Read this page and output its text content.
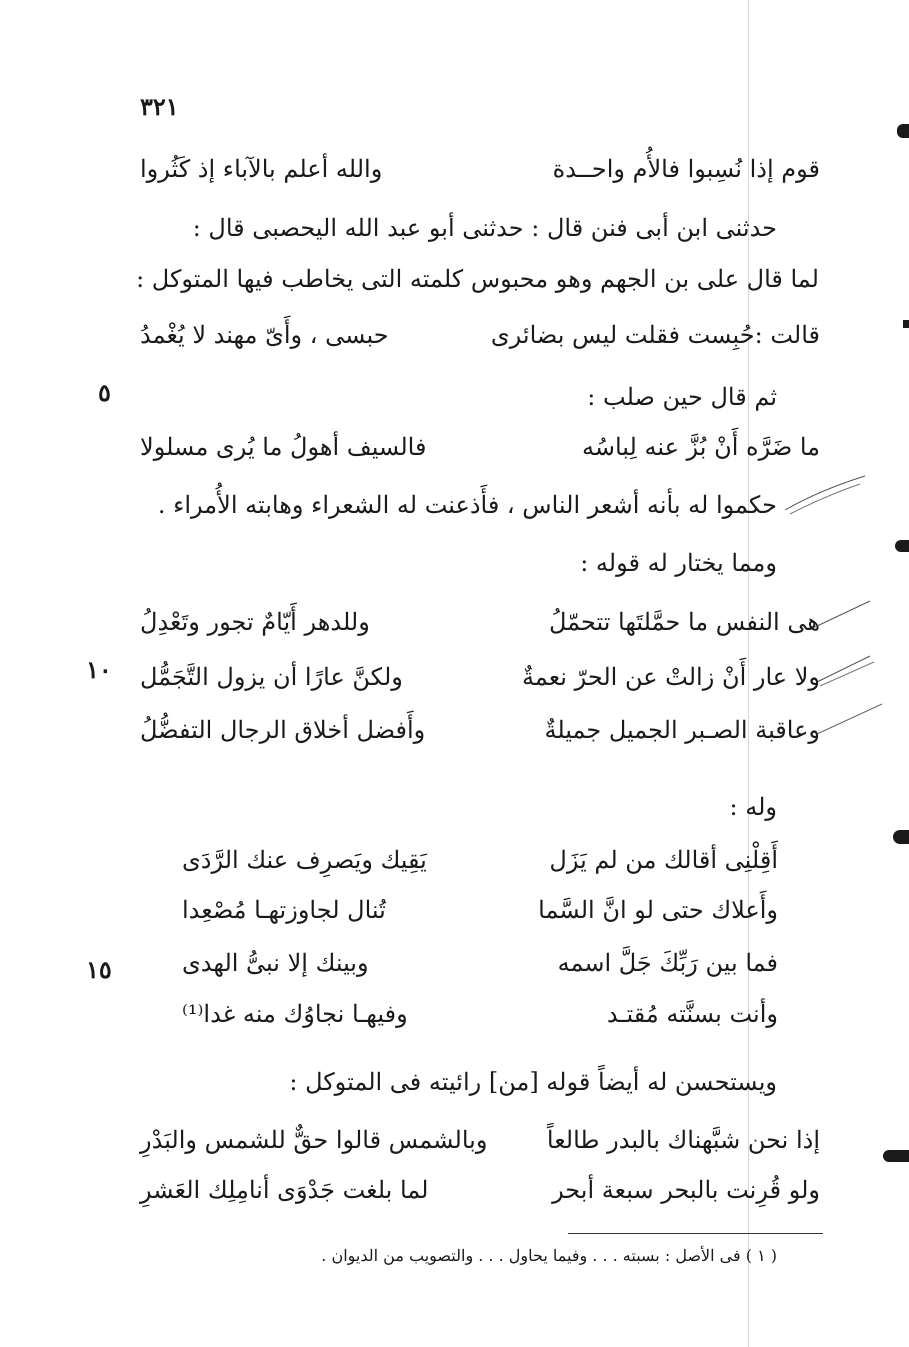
٣٢١
قوم إذا نُسِبوا فالأُم واحــدة
والله أعلم بالآباء إذ كَثُروا
حدثنى ابن أبى فنن قال : حدثنى أبو عبد الله اليحصبى قال :
لما قال على بن الجهم وهو محبوس كلمته التى يخاطب فيها المتوكل :
قالت :حُبِست فقلت ليس بضائرى
حبسى ، وأَىّ مهند لا يُغْمدُ
ثم قال حين صلب :
٥
ما ضَرَّه أَنْ بُزَّ عنه لِباسُه
فالسيف أهولُ ما يُرى مسلولا
حكموا له بأنه أشعر الناس ، فأَذعنت له الشعراء وهابته الأُمراء .
ومما يختار له قوله :
هى النفس ما حمَّلتَها تتحمّلُ
وللدهر أَيّامٌ تجور وتَعْدِلُ
١٠	ولا عار أَنْ زالتْ عن الحرّ نعمةٌ
ولكنَّ عارًا أن يزول التَّجَمُّل
وعاقبة الصـبر الجميل جميلةٌ
وأَفضل أخلاق الرجال التفضُّلُ
وله :
أَقِلْنِى أقالك من لم يَزَل
يَقِيك ويَصرِف عنك الرَّدَى
وأَعلاك حتى لو انَّ السَّما
تُنال لجاوزتهـا مُصْعِدا
١٥	فما بين رَبِّكَ جَلَّ اسمه
وبينك إلا نبىُّ الهدى
وأنت بسنَّته مُقتـد
وفيهـا نجاوُك منه غدا⁽¹⁾
ويستحسن له أيضاً قوله [من] رائيته فى المتوكل :
إذا نحن شبَّهناك بالبدر طالعاً
وبالشمس قالوا حقٌّ للشمس والبَدْرِ
ولو قُرِنت بالبحر سبعة أبحر
لما بلغت جَدْوَى أنامِلِك العَشرِ
( ١ ) فى الأصل : بسبته . . . وفيما يحاول . . . والتصويب من الديوان .
